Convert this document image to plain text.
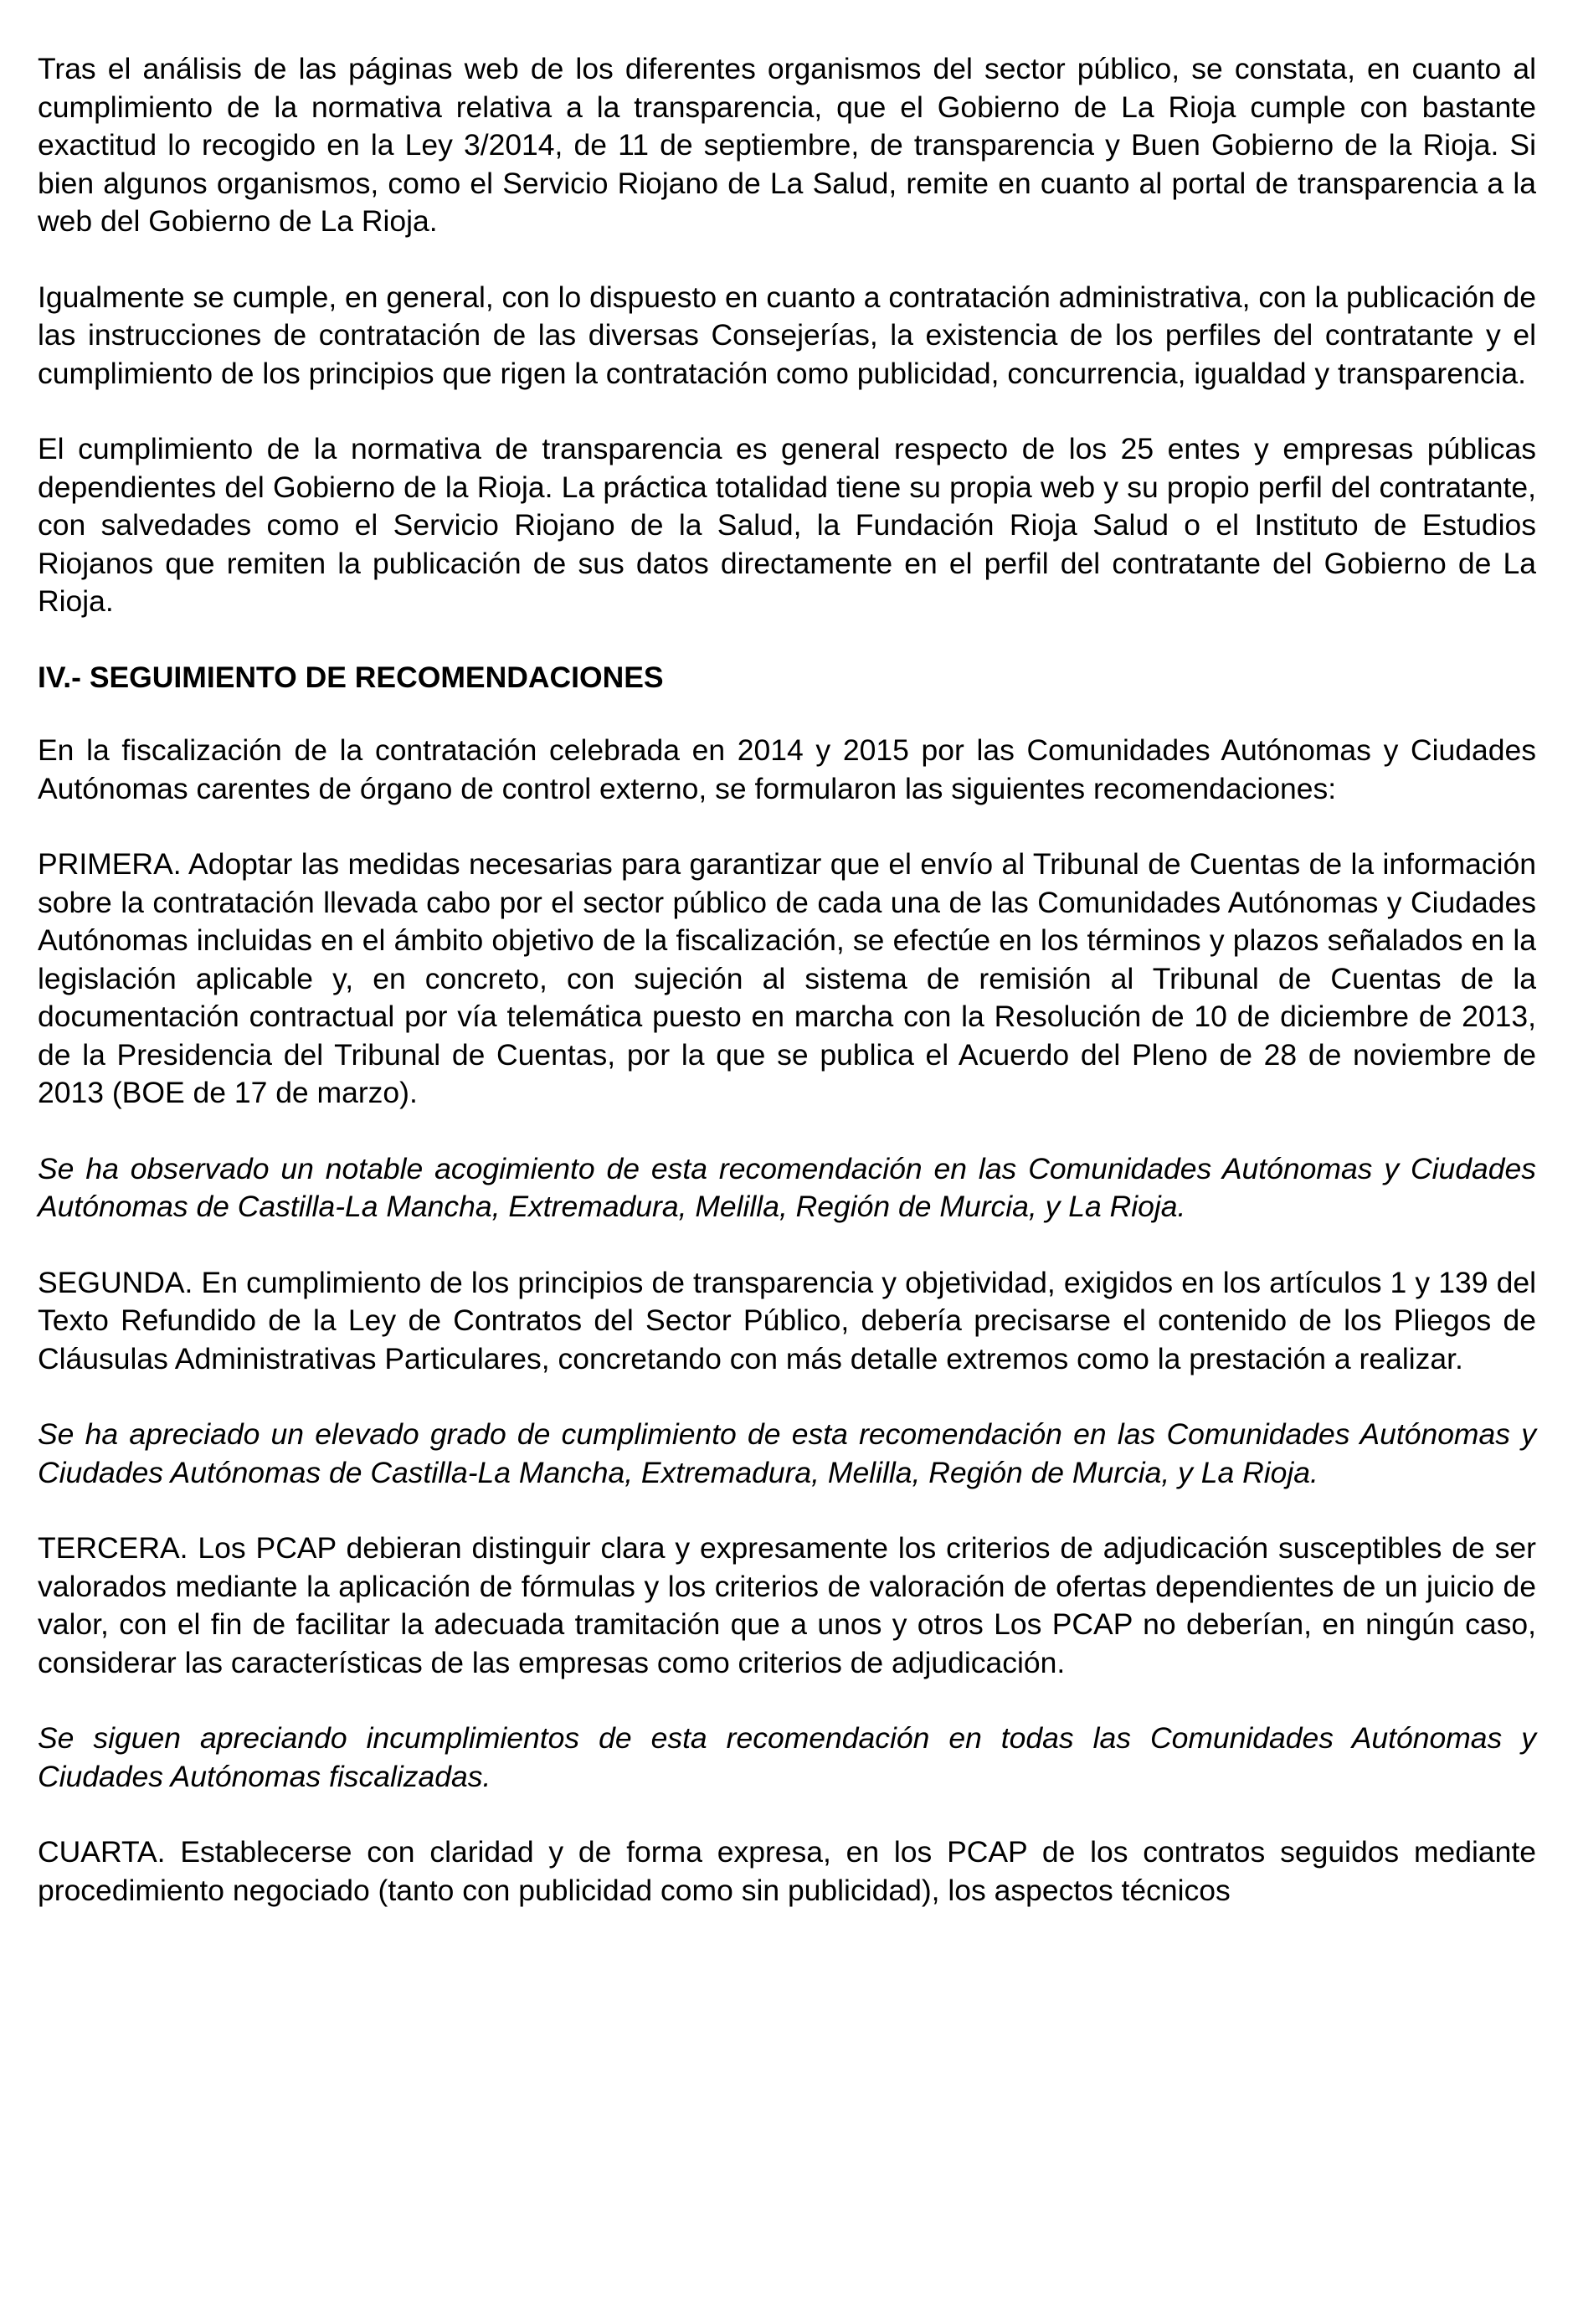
Tras el análisis de las páginas web de los diferentes organismos del sector público, se constata, en cuanto al cumplimiento de la normativa relativa a la transparencia, que el Gobierno de La Rioja cumple con bastante exactitud lo recogido en la Ley 3/2014, de 11 de septiembre, de transparencia y Buen Gobierno de la Rioja. Si bien algunos organismos, como el Servicio Riojano de La Salud, remite en cuanto al portal de transparencia a la web del Gobierno de La Rioja.

Igualmente se cumple, en general, con lo dispuesto en cuanto a contratación administrativa, con la publicación de las instrucciones de contratación de las diversas Consejerías, la existencia de los perfiles del contratante y el cumplimiento de los principios que rigen la contratación como publicidad, concurrencia, igualdad y transparencia.

El cumplimiento de la normativa de transparencia es general respecto de los 25 entes y empresas públicas dependientes del Gobierno de la Rioja. La práctica totalidad tiene su propia web y su propio perfil del contratante, con salvedades como el Servicio Riojano de la Salud, la Fundación Rioja Salud o el Instituto de Estudios Riojanos que remiten la publicación de sus datos directamente en el perfil del contratante del Gobierno de La Rioja.

IV.- SEGUIMIENTO DE RECOMENDACIONES

En la fiscalización de la contratación celebrada en 2014 y 2015 por las Comunidades Autónomas y Ciudades Autónomas carentes de órgano de control externo, se formularon las siguientes recomendaciones:

PRIMERA. Adoptar las medidas necesarias para garantizar que el envío al Tribunal de Cuentas de la información sobre la contratación llevada cabo por el sector público de cada una de las Comunidades Autónomas y Ciudades Autónomas incluidas en el ámbito objetivo de la fiscalización, se efectúe en los términos y plazos señalados en la legislación aplicable y, en concreto, con sujeción al sistema de remisión al Tribunal de Cuentas de la documentación contractual por vía telemática puesto en marcha con la Resolución de 10 de diciembre de 2013, de la Presidencia del Tribunal de Cuentas, por la que se publica el Acuerdo del Pleno de 28 de noviembre de 2013 (BOE de 17 de marzo).

Se ha observado un notable acogimiento de esta recomendación en las Comunidades Autónomas y Ciudades Autónomas de Castilla-La Mancha, Extremadura, Melilla, Región de Murcia, y La Rioja.

SEGUNDA. En cumplimiento de los principios de transparencia y objetividad, exigidos en los artículos 1 y 139 del Texto Refundido de la Ley de Contratos del Sector Público, debería precisarse el contenido de los Pliegos de Cláusulas Administrativas Particulares, concretando con más detalle extremos como la prestación a realizar.

Se ha apreciado un elevado grado de cumplimiento de esta recomendación en las Comunidades Autónomas y Ciudades Autónomas de Castilla-La Mancha, Extremadura, Melilla, Región de Murcia, y La Rioja.

TERCERA. Los PCAP debieran distinguir clara y expresamente los criterios de adjudicación susceptibles de ser valorados mediante la aplicación de fórmulas y los criterios de valoración de ofertas dependientes de un juicio de valor, con el fin de facilitar la adecuada tramitación que a unos y otros Los PCAP no deberían, en ningún caso, considerar las características de las empresas como criterios de adjudicación.

Se siguen apreciando incumplimientos de esta recomendación en todas las Comunidades Autónomas y Ciudades Autónomas fiscalizadas.

CUARTA. Establecerse con claridad y de forma expresa, en los PCAP de los contratos seguidos mediante procedimiento negociado (tanto con publicidad como sin publicidad), los aspectos técnicos
